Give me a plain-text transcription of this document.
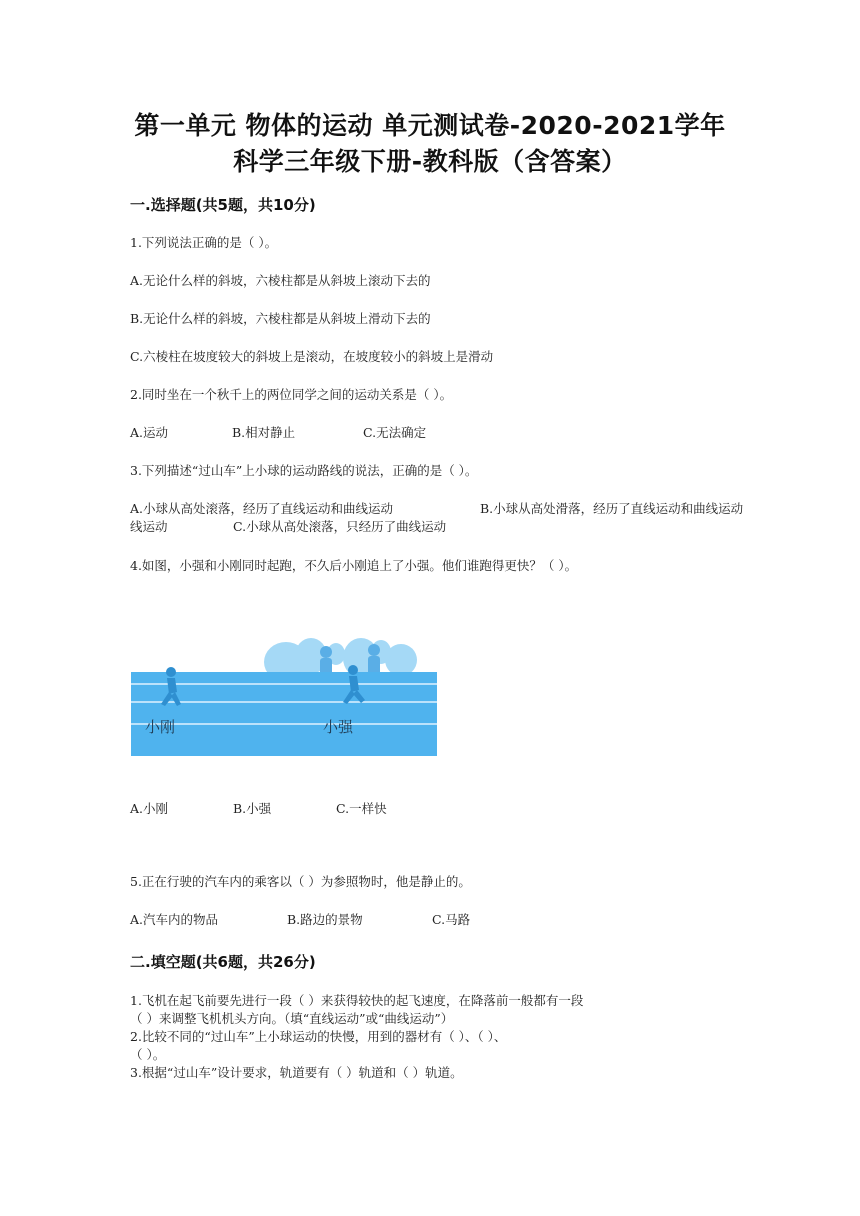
第一单元 物体的运动 单元测试卷-2020-2021学年
科学三年级下册-教科版（含答案）
一.选择题(共5题，共10分)
1.下列说法正确的是（ ）。
A.无论什么样的斜坡，六棱柱都是从斜坡上滚动下去的
B.无论什么样的斜坡，六棱柱都是从斜坡上滑动下去的
C.六棱柱在坡度较大的斜坡上是滚动，在坡度较小的斜坡上是滑动
2.同时坐在一个秋千上的两位同学之间的运动关系是（ ）。
A.运动	B.相对静止	C.无法确定
3.下列描述“过山车”上小球的运动路线的说法，正确的是（ ）。
A.小球从高处滚落，经历了直线运动和曲线运动	B.小球从高处滑落，经历了直线运动和曲线运动
线运动	C.小球从高处滚落，只经历了曲线运动
4.如图，小强和小刚同时起跑，不久后小刚追上了小强。他们谁跑得更快？（ ）。
小刚	小强
A.小刚	B.小强	C.一样快
5.正在行驶的汽车内的乘客以（ ）为参照物时，他是静止的。
A.汽车内的物品	B.路边的景物	C.马路
二.填空题(共6题，共26分)
1.飞机在起飞前要先进行一段（ ）来获得较快的起飞速度，在降落前一般都有一段
（ ）来调整飞机机头方向。（填“直线运动”或“曲线运动”）
2.比较不同的“过山车”上小球运动的快慢，用到的器材有（ ）、（ ）、
（ ）。
3.根据“过山车”设计要求，轨道要有（ ）轨道和（ ）轨道。
